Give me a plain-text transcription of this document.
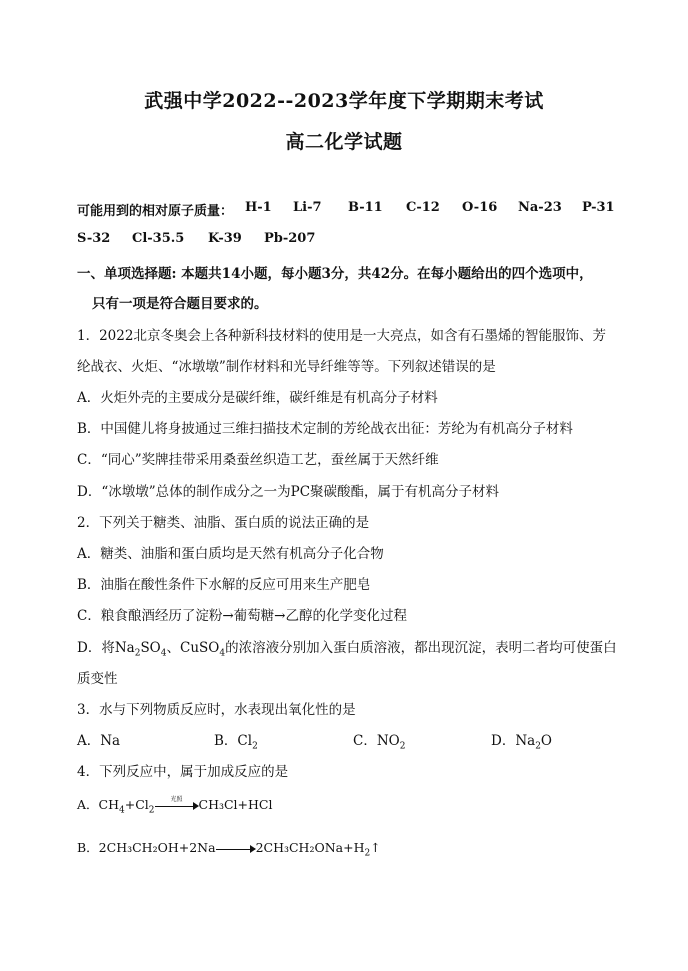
武强中学2022--2023学年度下学期期末考试
高二化学试题
可能用到的相对原子质量： H-1 Li-7 B-11 C-12 O-16 Na-23 P-31
S-32 Cl-35.5 K-39 Pb-207
一、单项选择题: 本题共14小题，每小题3分，共42分。在每小题给出的四个选项中，
只有一项是符合题目要求的。
1．2022北京冬奥会上各种新科技材料的使用是一大亮点，如含有石墨烯的智能服饰、芳
纶战衣、火炬、“冰墩墩”制作材料和光导纤维等等。下列叙述错误的是
A．火炬外壳的主要成分是碳纤维，碳纤维是有机高分子材料
B．中国健儿将身披通过三维扫描技术定制的芳纶战衣出征：芳纶为有机高分子材料
C．“同心”奖牌挂带采用桑蚕丝织造工艺，蚕丝属于天然纤维
D．“冰墩墩”总体的制作成分之一为PC聚碳酸酯，属于有机高分子材料
2．下列关于糖类、油脂、蛋白质的说法正确的是
A．糖类、油脂和蛋白质均是天然有机高分子化合物
B．油脂在酸性条件下水解的反应可用来生产肥皂
C．粮食酿酒经历了淀粉→葡萄糖→乙醇的化学变化过程
D．将$Na_2SO_4$、CuSO$_4$的浓溶液分别加入蛋白质溶液，都出现沉淀，表明二者均可使蛋白
质变性
3．水与下列物质反应时，水表现出氧化性的是
A．Na	B．$Cl_2$	C．$NO_2$	D．$Na_2O$
4．下列反应中，属于加成反应的是
A．$CH_4+Cl_2$
光照	CH₃Cl+HCl
B．2CH₃CH₂OH+2Na	$2CH_3CH_2ONa+H_2↑$
